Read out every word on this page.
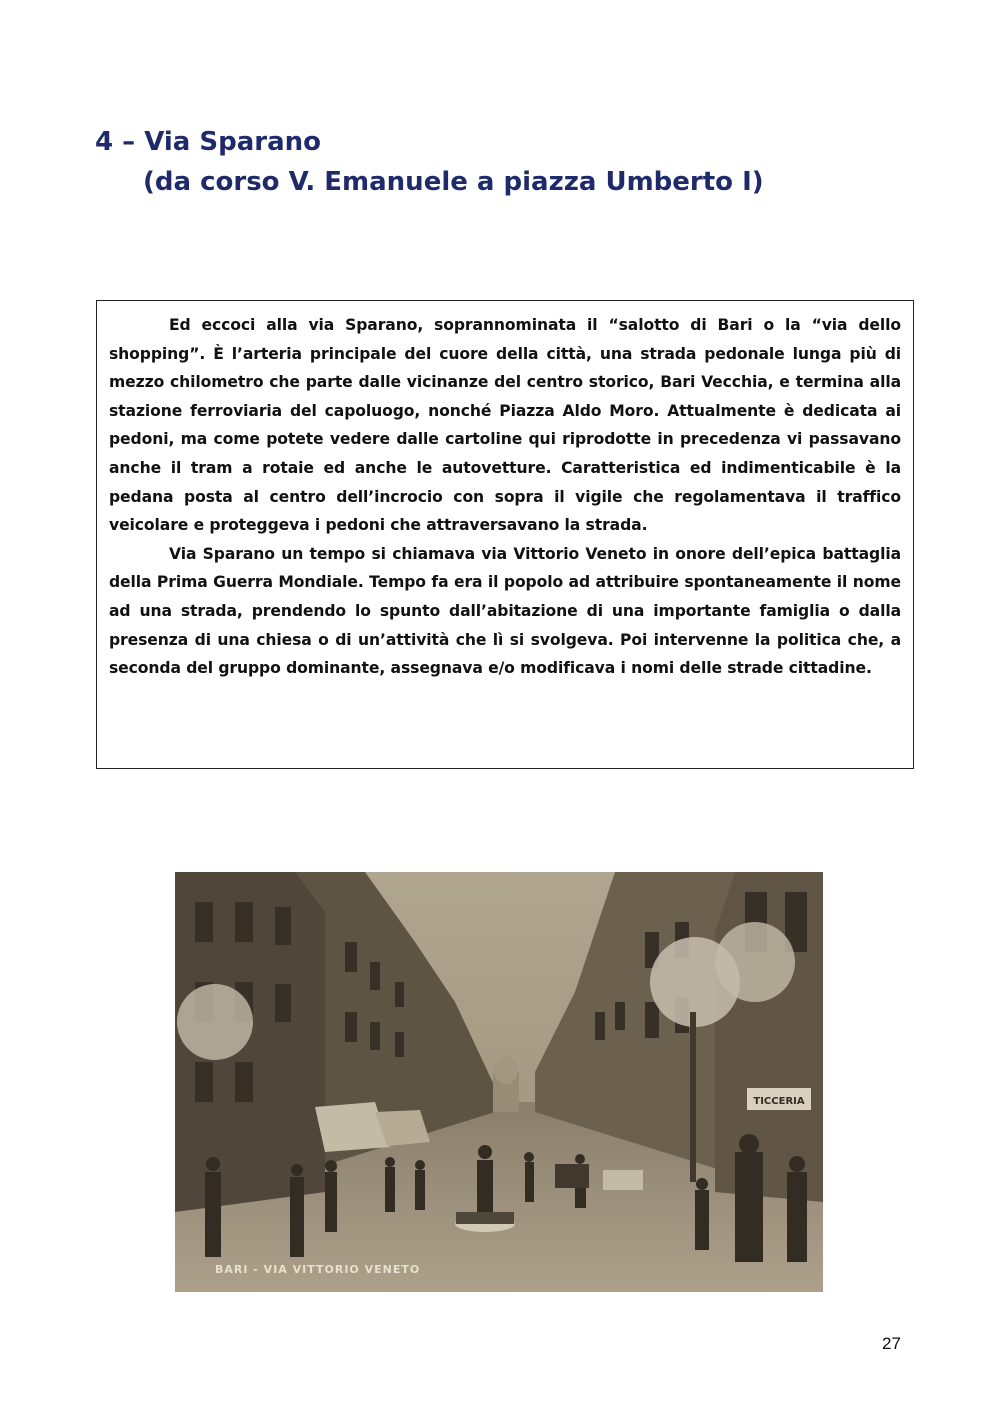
4 – Via Sparano
(da corso V. Emanuele a piazza Umberto I)

Ed eccoci alla via Sparano, soprannominata il “salotto di Bari o la “via dello shopping”. È l’arteria principale del cuore della città, una strada pedonale lunga più di mezzo chilometro che parte dalle vicinanze del centro storico, Bari Vecchia, e termina alla stazione ferroviaria del capoluogo, nonché Piazza Aldo Moro. Attualmente è dedicata ai pedoni, ma come potete vedere dalle cartoline qui riprodotte in precedenza vi passavano anche il tram a rotaie ed anche le autovetture. Caratteristica ed indimenticabile è la pedana posta al centro dell’incrocio con sopra il vigile che regolamentava il traffico veicolare e proteggeva i pedoni che attraversavano la strada.

Via Sparano un tempo si chiamava via Vittorio Veneto in onore dell’epica battaglia della Prima Guerra Mondiale. Tempo fa era il popolo ad attribuire spontaneamente il nome ad una strada, prendendo lo spunto dall’abitazione di una importante famiglia o dalla presenza di una chiesa o di un’attività che lì si svolgeva. Poi intervenne la politica che, a seconda del gruppo dominante, assegnava e/o modificava i nomi delle strade cittadine.

TICCERIA
BARI - VIA VITTORIO VENETO
27
